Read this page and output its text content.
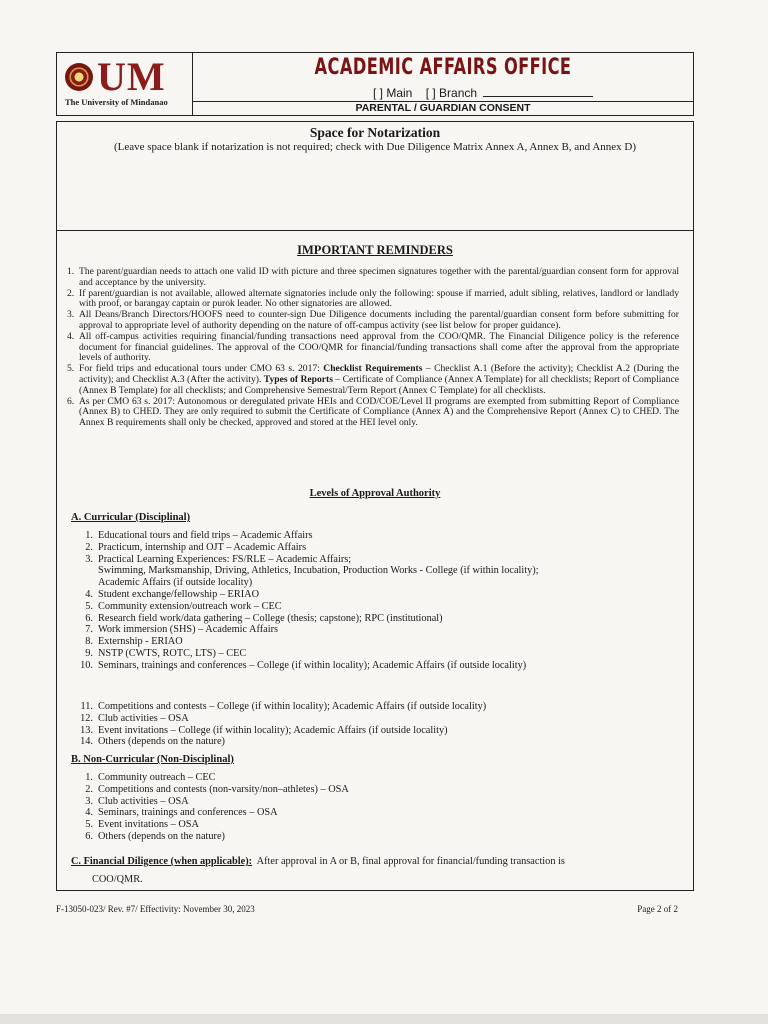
UM
The University of Mindanao
ACADEMIC AFFAIRS OFFICE
[ ] Main [ ] Branch
PARENTAL / GUARDIAN CONSENT
Space for Notarization
(Leave space blank if notarization is not required; check with Due Diligence Matrix Annex A, Annex B, and Annex D)
IMPORTANT REMINDERS
1. The parent/guardian needs to attach one valid ID with picture and three specimen signatures together with the parental/guardian consent form for approval and acceptance by the university.
2. If parent/guardian is not available, allowed alternate signatories include only the following: spouse if married, adult sibling, relatives, landlord or landlady with proof, or barangay captain or purok leader. No other signatories are allowed.
3. All Deans/Branch Directors/HOOFS need to counter-sign Due Diligence documents including the parental/guardian consent form before submitting for approval to appropriate level of authority depending on the nature of off-campus activity (see list below for proper guidance).
4. All off-campus activities requiring financial/funding transactions need approval from the COO/QMR. The Financial Diligence policy is the reference document for financial guidelines. The approval of the COO/QMR for financial/funding transactions shall come after the approval from the appropriate levels of authority.
5. For field trips and educational tours under CMO 63 s. 2017: Checklist Requirements – Checklist A.1 (Before the activity); Checklist A.2 (During the activity); and Checklist A.3 (After the activity). Types of Reports – Certificate of Compliance (Annex A Template) for all checklists; Report of Compliance (Annex B Template) for all checklists; and Comprehensive Semestral/Term Report (Annex C Template) for all checklists.
6. As per CMO 63 s. 2017: Autonomous or deregulated private HEIs and COD/COE/Level II programs are exempted from submitting Report of Compliance (Annex B) to CHED. They are only required to submit the Certificate of Compliance (Annex A) and the Comprehensive Report (Annex C) to CHED. The Annex B requirements shall only be checked, approved and stored at the HEI level only.
Levels of Approval Authority
A. Curricular (Disciplinal)
1. Educational tours and field trips – Academic Affairs
2. Practicum, internship and OJT – Academic Affairs
3. Practical Learning Experiences: FS/RLE – Academic Affairs;
Swimming, Marksmanship, Driving, Athletics, Incubation, Production Works - College (if within locality);
Academic Affairs (if outside locality)
4. Student exchange/fellowship – ERIAO
5. Community extension/outreach work – CEC
6. Research field work/data gathering – College (thesis; capstone); RPC (institutional)
7. Work immersion (SHS) – Academic Affairs
8. Externship - ERIAO
9. NSTP (CWTS, ROTC, LTS) – CEC
10. Seminars, trainings and conferences – College (if within locality); Academic Affairs (if outside locality)
11. Competitions and contests – College (if within locality); Academic Affairs (if outside locality)
12. Club activities – OSA
13. Event invitations – College (if within locality); Academic Affairs (if outside locality)
14. Others (depends on the nature)
B. Non-Curricular (Non-Disciplinal)
1. Community outreach – CEC
2. Competitions and contests (non-varsity/non–athletes) – OSA
3. Club activities – OSA
4. Seminars, trainings and conferences – OSA
5. Event invitations – OSA
6. Others (depends on the nature)
C. Financial Diligence (when applicable): After approval in A or B, final approval for financial/funding transaction is
COO/QMR.
F-13050-023/ Rev. #7/ Effectivity: November 30, 2023	Page 2 of 2
